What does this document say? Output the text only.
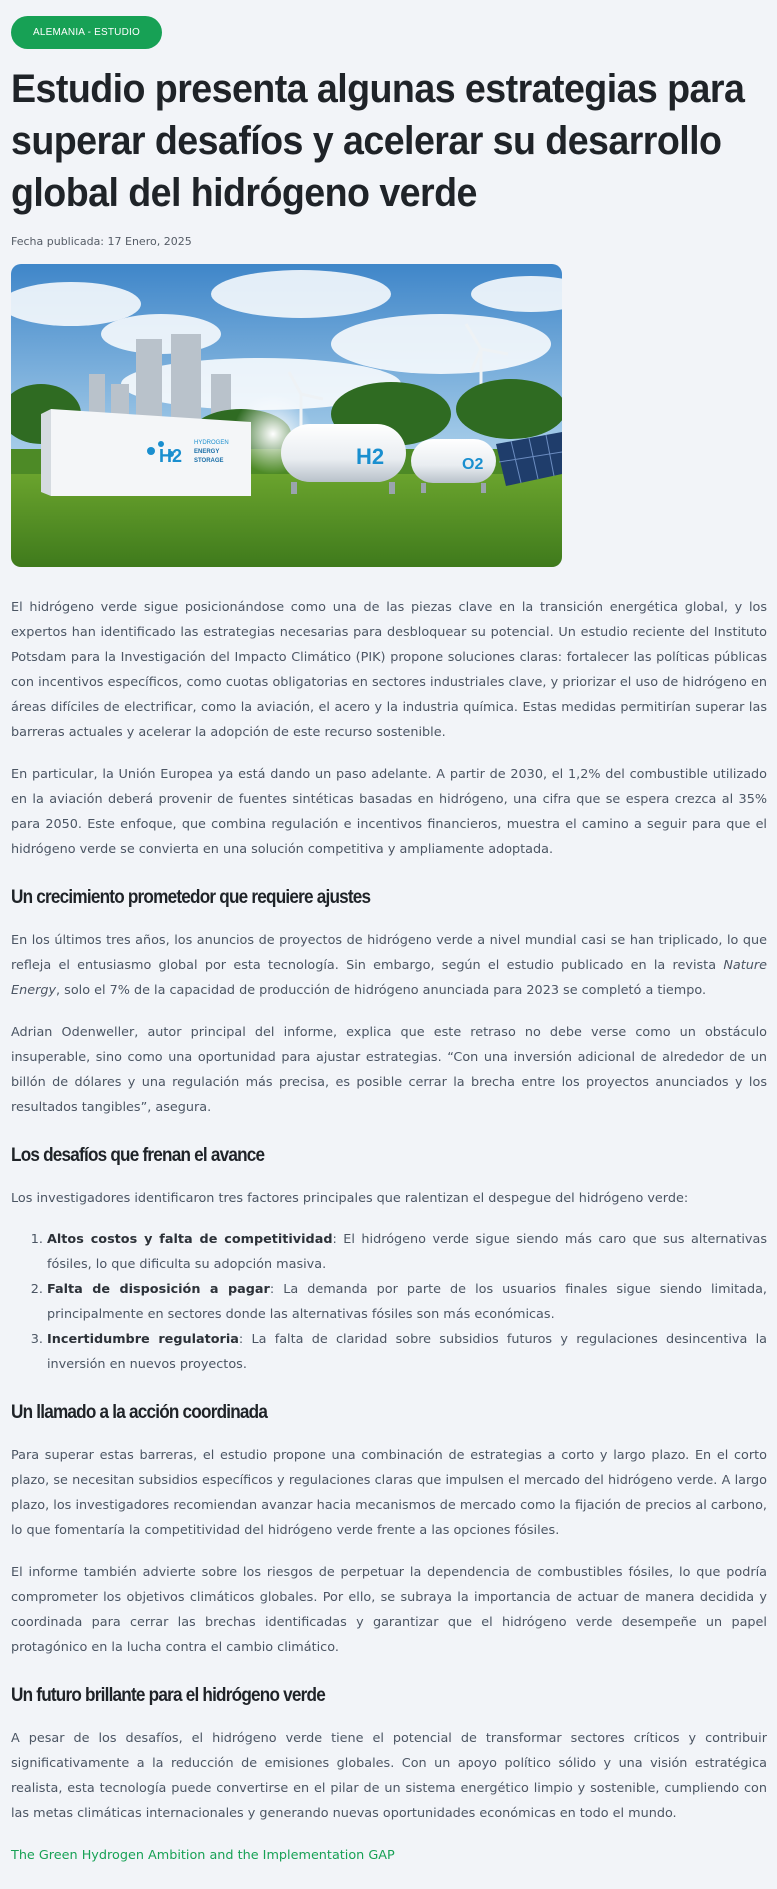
ALEMANIA - ESTUDIO
Estudio presenta algunas estrategias para superar desafíos y acelerar su desarrollo global del hidrógeno verde
Fecha publicada: 17 Enero, 2025
H2
HYDROGEN
ENERGY
STORAGE	H2	O2

El hidrógeno verde sigue posicionándose como una de las piezas clave en la transición energética global, y los expertos han identificado las estrategias necesarias para desbloquear su potencial. Un estudio reciente del Instituto Potsdam para la Investigación del Impacto Climático (PIK) propone soluciones claras: fortalecer las políticas públicas con incentivos específicos, como cuotas obligatorias en sectores industriales clave, y priorizar el uso de hidrógeno en áreas difíciles de electrificar, como la aviación, el acero y la industria química. Estas medidas permitirían superar las barreras actuales y acelerar la adopción de este recurso sostenible.

En particular, la Unión Europea ya está dando un paso adelante. A partir de 2030, el 1,2% del combustible utilizado en la aviación deberá provenir de fuentes sintéticas basadas en hidrógeno, una cifra que se espera crezca al 35% para 2050. Este enfoque, que combina regulación e incentivos financieros, muestra el camino a seguir para que el hidrógeno verde se convierta en una solución competitiva y ampliamente adoptada.

Un crecimiento prometedor que requiere ajustes

En los últimos tres años, los anuncios de proyectos de hidrógeno verde a nivel mundial casi se han triplicado, lo que refleja el entusiasmo global por esta tecnología. Sin embargo, según el estudio publicado en la revista Nature Energy, solo el 7% de la capacidad de producción de hidrógeno anunciada para 2023 se completó a tiempo.

Adrian Odenweller, autor principal del informe, explica que este retraso no debe verse como un obstáculo insuperable, sino como una oportunidad para ajustar estrategias. “Con una inversión adicional de alrededor de un billón de dólares y una regulación más precisa, es posible cerrar la brecha entre los proyectos anunciados y los resultados tangibles”, asegura.

Los desafíos que frenan el avance

Los investigadores identificaron tres factores principales que ralentizan el despegue del hidrógeno verde:

1. Altos costos y falta de competitividad: El hidrógeno verde sigue siendo más caro que sus alternativas fósiles, lo que dificulta su adopción masiva.
2. Falta de disposición a pagar: La demanda por parte de los usuarios finales sigue siendo limitada, principalmente en sectores donde las alternativas fósiles son más económicas.
3. Incertidumbre regulatoria: La falta de claridad sobre subsidios futuros y regulaciones desincentiva la inversión en nuevos proyectos.
Un llamado a la acción coordinada

Para superar estas barreras, el estudio propone una combinación de estrategias a corto y largo plazo. En el corto plazo, se necesitan subsidios específicos y regulaciones claras que impulsen el mercado del hidrógeno verde. A largo plazo, los investigadores recomiendan avanzar hacia mecanismos de mercado como la fijación de precios al carbono, lo que fomentaría la competitividad del hidrógeno verde frente a las opciones fósiles.

El informe también advierte sobre los riesgos de perpetuar la dependencia de combustibles fósiles, lo que podría comprometer los objetivos climáticos globales. Por ello, se subraya la importancia de actuar de manera decidida y coordinada para cerrar las brechas identificadas y garantizar que el hidrógeno verde desempeñe un papel protagónico en la lucha contra el cambio climático.

Un futuro brillante para el hidrógeno verde

A pesar de los desafíos, el hidrógeno verde tiene el potencial de transformar sectores críticos y contribuir significativamente a la reducción de emisiones globales. Con un apoyo político sólido y una visión estratégica realista, esta tecnología puede convertirse en el pilar de un sistema energético limpio y sostenible, cumpliendo con las metas climáticas internacionales y generando nuevas oportunidades económicas en todo el mundo.

The Green Hydrogen Ambition and the Implementation GAP
